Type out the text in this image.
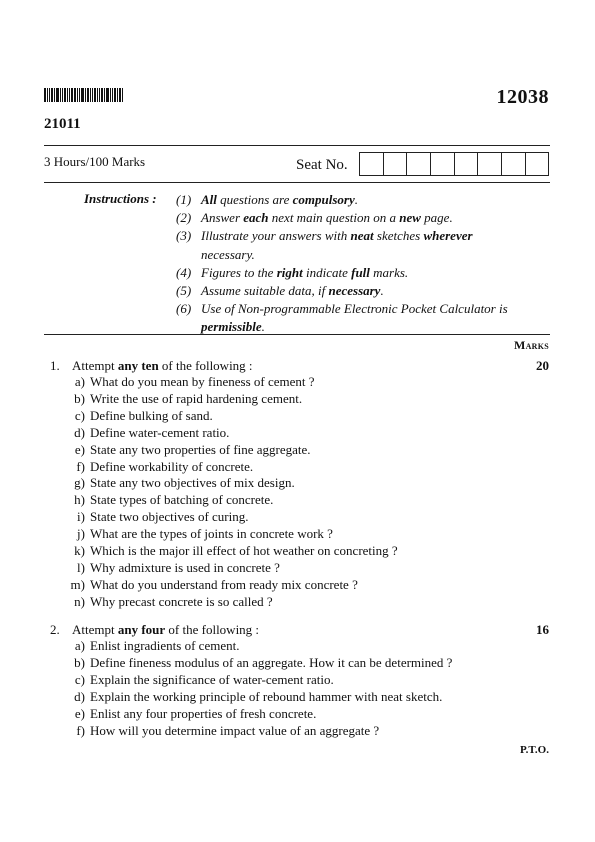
12038
21011
3 Hours/100 Marks	Seat No.
Instructions : (1) All questions are compulsory.
(2) Answer each next main question on a new page.
(3) Illustrate your answers with neat sketches wherever necessary.
(4) Figures to the right indicate full marks.
(5) Assume suitable data, if necessary.
(6) Use of Non-programmable Electronic Pocket Calculator is permissible.
Marks
1. Attempt any ten of the following :	20
a) What do you mean by fineness of cement ?
b) Write the use of rapid hardening cement.
c) Define bulking of sand.
d) Define water-cement ratio.
e) State any two properties of fine aggregate.
f) Define workability of concrete.
g) State any two objectives of mix design.
h) State types of batching of concrete.
i) State two objectives of curing.
j) What are the types of joints in concrete work ?
k) Which is the major ill effect of hot weather on concreting ?
l) Why admixture is used in concrete ?
m) What do you understand from ready mix concrete ?
n) Why precast concrete is so called ?
2. Attempt any four of the following :	16
a) Enlist ingradients of cement.
b) Define fineness modulus of an aggregate. How it can be determined ?
c) Explain the significance of water-cement ratio.
d) Explain the working principle of rebound hammer with neat sketch.
e) Enlist any four properties of fresh concrete.
f) How will you determine impact value of an aggregate ?
P.T.O.
